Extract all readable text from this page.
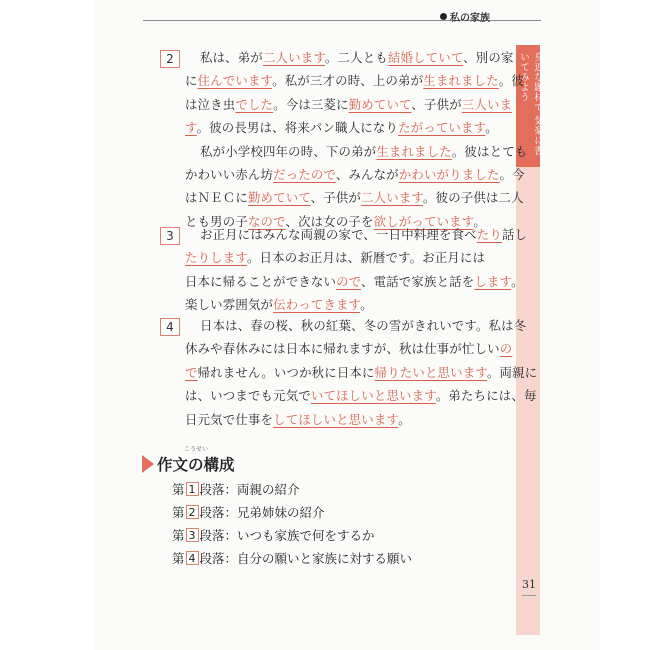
私の家族
身近な題材で 気楽に書いてみよう
31
2	私は、弟が二人います。二人とも結婚していて、別の家
に住んでいます。私が三才の時、上の弟が生まれました。彼
は泣き虫でした。今は三菱に勤めていて、子供が三人いま
す。彼の長男は、将来パン職人になりたがっています。
私が小学校四年の時、下の弟が生まれました。彼はとても
かわいい赤ん坊だったので、みんながかわいがりました。今
はＮＥＣに勤めていて、子供が二人います。彼の子供は二人
とも男の子なので、次は女の子を欲しがっています。
3	お正月にはみんな両親の家で、一日中料理を食べたり話し
たりします。日本のお正月は、新暦です。お正月には
日本に帰ることができないので、電話で家族と話をします。
楽しい雰囲気が伝わってきます。
4	日本は、春の桜、秋の紅葉、冬の雪がきれいです。私は冬
休みや春休みには日本に帰れますが、秋は仕事が忙しいの
で帰れません。いつか秋に日本に帰りたいと思います。両親に
は、いつまでも元気でいてほしいと思います。弟たちには、毎
日元気で仕事をしてほしいと思います。
作文の構成
こうせい
第 1 段落：両親の紹介
第 2 段落：兄弟姉妹の紹介
第 3 段落：いつも家族で何をするか
第 4 段落：自分の願いと家族に対する願い
